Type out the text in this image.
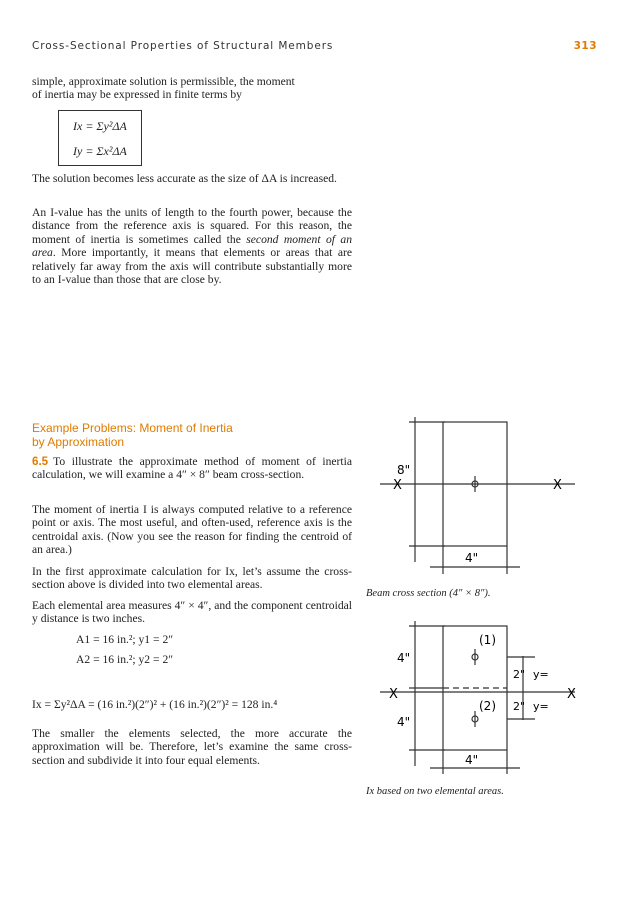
Cross-Sectional Properties of Structural Members	313

simple, approximate solution is permissible, the moment

of inertia may be expressed in finite terms by

Ix = Σy²ΔA
Iy = Σx²ΔA

The solution becomes less accurate as the size of ΔA is increased.

An I-value has the units of length to the fourth power, because the distance from the reference axis is squared. For this reason, the moment of inertia is sometimes called the second moment of an area. More importantly, it means that elements or areas that are relatively far away from the axis will contribute substantially more to an I-value than those that are close by.

Example Problems: Moment of Inertia
by Approximation

6.5 To illustrate the approximate method of moment of inertia calculation, we will examine a 4″ × 8″ beam cross-section.

The moment of inertia I is always computed relative to a reference point or axis. The most useful, and often-used, reference axis is the centroidal axis. (Now you see the reason for finding the centroid of an area.)

In the first approximate calculation for Ix, let’s assume the cross-section above is divided into two elemental areas.

Each elemental area measures 4″ × 4″, and the component centroidal y distance is two inches.

A1 = 16 in.²; y1 = 2″
A2 = 16 in.²; y2 = 2″
Ix = Σy²ΔA = (16 in.²)(2″)² + (16 in.²)(2″)² = 128 in.⁴

The smaller the elements selected, the more accurate the approximation will be. Therefore, let’s examine the same cross-section and subdivide it into four equal elements.

X	X
8"
4"
Beam cross section (4″ × 8″).
X	X
(1)
(2)
4"
4"
2"
2"
y=
y=
4"
Ix based on two elemental areas.
